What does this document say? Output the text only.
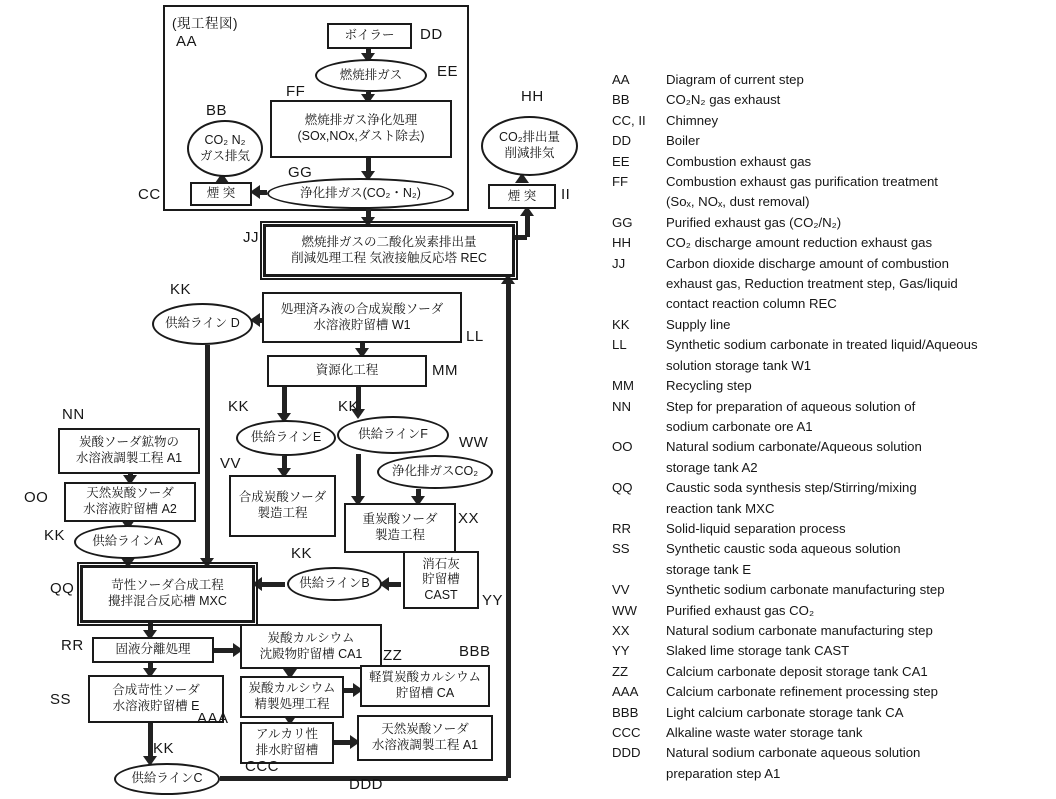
ボイラー
燃焼排ガス
燃焼排ガス浄化処理
(SOx,NOx,ダスト除去)
CO₂ N₂
ガス排気
煙 突	浄化排ガス(CO₂・N₂)
CO₂排出量
削減排気
煙 突
燃焼排ガスの二酸化炭素排出量
削減処理工程 気液接触反応塔 REC
供給ライン D
処理済み液の合成炭酸ソーダ
水溶液貯留槽 W1
資源化工程
供給ラインE	供給ラインF
合成炭酸ソーダ
製造工程
浄化排ガスCO₂
重炭酸ソーダ
製造工程
炭酸ソーダ鉱物の
水溶液調製工程 A1
天然炭酸ソーダ
水溶液貯留槽 A2
供給ラインA
苛性ソーダ合成工程
攪拌混合反応槽 MXC
供給ラインB
消石灰
貯留槽
CAST
固液分離処理
炭酸カルシウム
沈殿物貯留槽 CA1
合成苛性ソーダ
水溶液貯留槽 E
炭酸カルシウム
精製処理工程
軽質炭酸カルシウム
貯留槽 CA
アルカリ性
排水貯留槽
天然炭酸ソーダ
水溶液調製工程 A1
供給ラインC
(現工程図)
AA	DD
EE
FF
BB
HH
CC
GG
II
JJ
KK
LL
MM
KK	KK
NN
VV
WW
OO
XX
KK
KK
QQ
YY
RR
ZZ	BBB
SS
AAA
KK
CCC
DDD
AA	Diagram of current step
BB	CO₂N₂ gas exhaust
CC, II	Chimney
DD	Boiler
EE	Combustion exhaust gas
FF	Combustion exhaust gas purification treatment
(Soₓ, NOₓ, dust removal)
GG	Purified exhaust gas (CO₂/N₂)
HH	CO₂ discharge amount reduction exhaust gas
JJ	Carbon dioxide discharge amount of combustion
exhaust gas, Reduction treatment step, Gas/liquid
contact reaction column REC
KK	Supply line
LL	Synthetic sodium carbonate in treated liquid/Aqueous
solution storage tank W1
MM	Recycling step
NN	Step for preparation of aqueous solution of
sodium carbonate ore A1
OO	Natural sodium carbonate/Aqueous solution
storage tank A2
QQ	Caustic soda synthesis step/Stirring/mixing
reaction tank MXC
RR	Solid-liquid separation process
SS	Synthetic caustic soda aqueous solution
storage tank E
VV	Synthetic sodium carbonate manufacturing step
WW	Purified exhaust gas CO₂
XX	Natural sodium carbonate manufacturing step
YY	Slaked lime storage tank CAST
ZZ	Calcium carbonate deposit storage tank CA1
AAA	Calcium carbonate refinement processing step
BBB	Light calcium carbonate storage tank CA
CCC	Alkaline waste water storage tank
DDD	Natural sodium carbonate aqueous solution
preparation step A1
